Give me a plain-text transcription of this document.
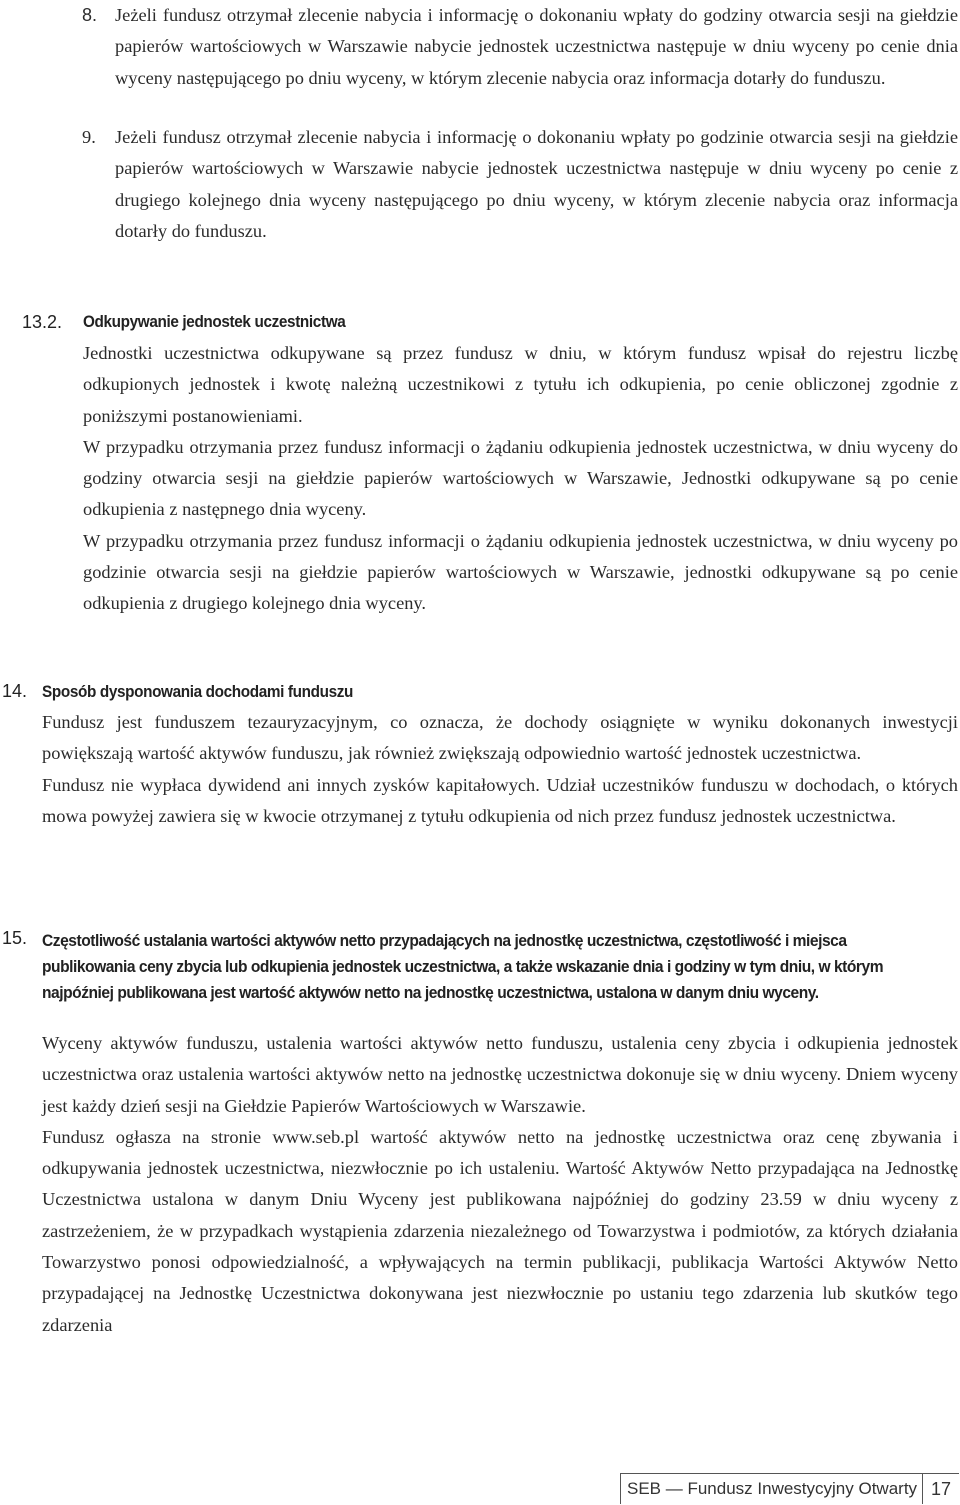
8. Jeżeli fundusz otrzymał zlecenie nabycia i informację o dokonaniu wpłaty do godziny otwarcia sesji na giełdzie papierów wartościowych w Warszawie nabycie jednostek uczestnictwa następuje w dniu wyceny po cenie dnia wyceny następującego po dniu wyceny, w którym zlecenie nabycia oraz informacja dotarły do funduszu.

9. Jeżeli fundusz otrzymał zlecenie nabycia i informację o dokonaniu wpłaty po godzinie otwarcia sesji na giełdzie papierów wartościowych w Warszawie nabycie jednostek uczestnictwa następuje w dniu wyceny po cenie z drugiego kolejnego dnia wyceny następującego po dniu wyceny, w którym zlecenie nabycia oraz informacja dotarły do funduszu.

13.2. Odkupywanie jednostek uczestnictwa

Jednostki uczestnictwa odkupywane są przez fundusz w dniu, w którym fundusz wpisał do rejestru liczbę odkupionych jednostek i kwotę należną uczestnikowi z tytułu ich odkupienia, po cenie obliczonej zgodnie z poniższymi postanowieniami.

W przypadku otrzymania przez fundusz informacji o żądaniu odkupienia jednostek uczestnictwa, w dniu wyceny do godziny otwarcia sesji na giełdzie papierów wartościowych w Warszawie, Jednostki odkupywane są po cenie odkupienia z następnego dnia wyceny.

W przypadku otrzymania przez fundusz informacji o żądaniu odkupienia jednostek uczestnictwa, w dniu wyceny po godzinie otwarcia sesji na giełdzie papierów wartościowych w Warszawie, jednostki odkupywane są po cenie odkupienia z drugiego kolejnego dnia wyceny.

14. Sposób dysponowania dochodami funduszu

Fundusz jest funduszem tezauryzacyjnym, co oznacza, że dochody osiągnięte w wyniku dokonanych inwestycji powiększają wartość aktywów funduszu, jak również zwiększają odpowiednio wartość jednostek uczestnictwa.

Fundusz nie wypłaca dywidend ani innych zysków kapitałowych. Udział uczestników funduszu w dochodach, o których mowa powyżej zawiera się w kwocie otrzymanej z tytułu odkupienia od nich przez fundusz jednostek uczestnictwa.

15. Częstotliwość ustalania wartości aktywów netto przypadających na jednostkę uczestnictwa, częstotliwość i miejsca publikowania ceny zbycia lub odkupienia jednostek uczestnictwa, a także wskazanie dnia i godziny w tym dniu, w którym najpóźniej publikowana jest wartość aktywów netto na jednostkę uczestnictwa, ustalona w danym dniu wyceny.

Wyceny aktywów funduszu, ustalenia wartości aktywów netto funduszu, ustalenia ceny zbycia i odkupienia jednostek uczestnictwa oraz ustalenia wartości aktywów netto na jednostkę uczestnictwa dokonuje się w dniu wyceny. Dniem wyceny jest każdy dzień sesji na Giełdzie Papierów Wartościowych w Warszawie.

Fundusz ogłasza na stronie www.seb.pl wartość aktywów netto na jednostkę uczestnictwa oraz cenę zbywania i odkupywania jednostek uczestnictwa, niezwłocznie po ich ustaleniu. Wartość Aktywów Netto przypadająca na Jednostkę Uczestnictwa ustalona w danym Dniu Wyceny jest publikowana najpóźniej do godziny 23.59 w dniu wyceny z zastrzeżeniem, że w przypadkach wystąpienia zdarzenia niezależnego od Towarzystwa i podmiotów, za których działania Towarzystwo ponosi odpowiedzialność, a wpływających na termin publikacji, publikacja Wartości Aktywów Netto przypadającej na Jednostkę Uczestnictwa dokonywana jest niezwłocznie po ustaniu tego zdarzenia lub skutków tego zdarzenia

SEB — Fundusz Inwestycyjny Otwarty 17
